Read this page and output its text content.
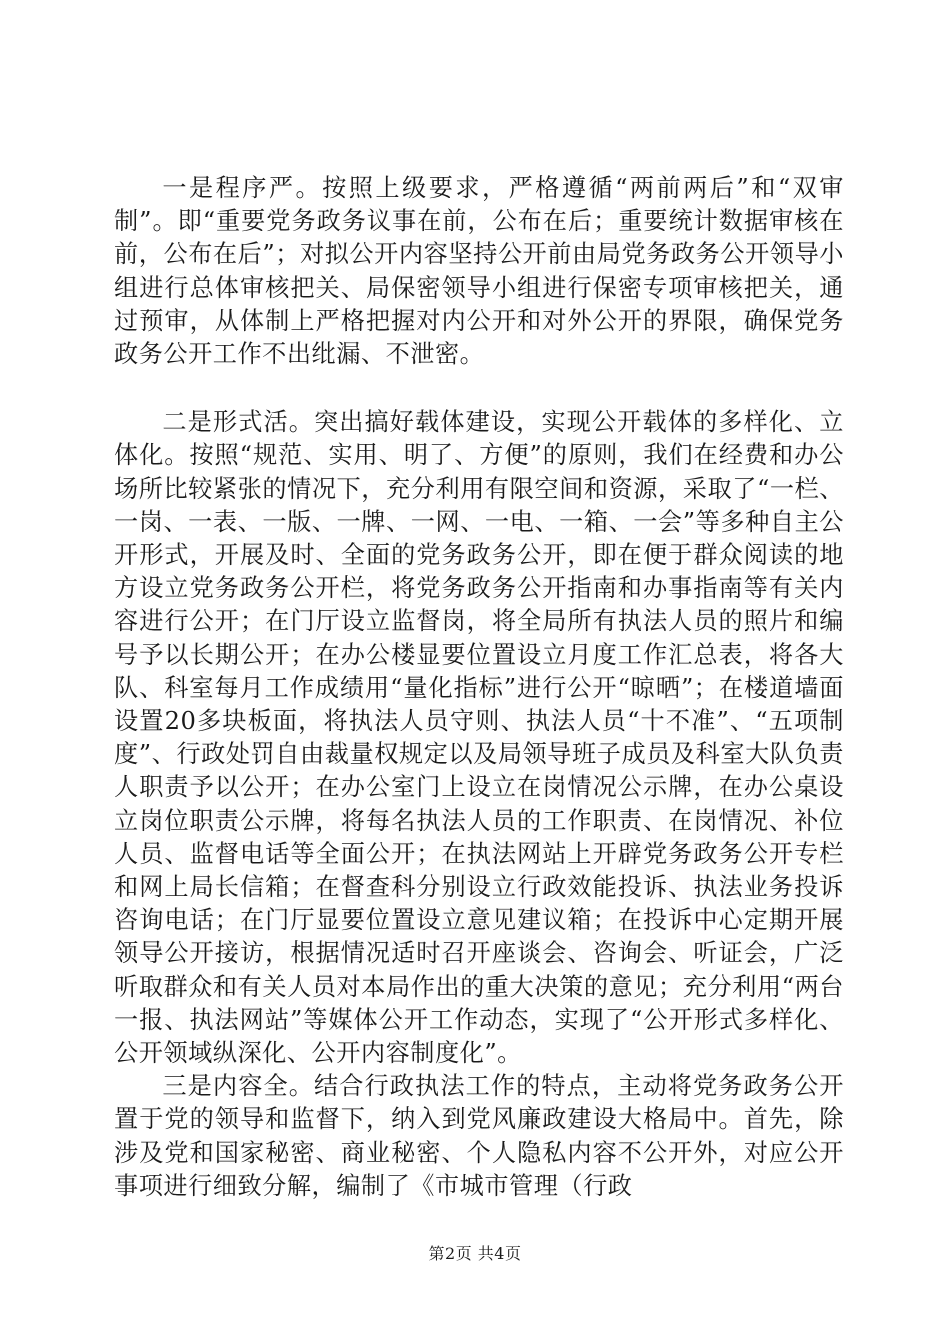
一是程序严。按照上级要求，严格遵循“两前两后”和“双审制”。即“重要党务政务议事在前，公布在后；重要统计数据审核在前，公布在后”；对拟公开内容坚持公开前由局党务政务公开领导小组进行总体审核把关、局保密领导小组进行保密专项审核把关，通过预审，从体制上严格把握对内公开和对外公开的界限，确保党务政务公开工作不出纰漏、不泄密。

二是形式活。突出搞好载体建设，实现公开载体的多样化、立体化。按照“规范、实用、明了、方便”的原则，我们在经费和办公场所比较紧张的情况下，充分利用有限空间和资源，采取了“一栏、一岗、一表、一版、一牌、一网、一电、一箱、一会”等多种自主公开形式，开展及时、全面的党务政务公开，即在便于群众阅读的地方设立党务政务公开栏，将党务政务公开指南和办事指南等有关内容进行公开；在门厅设立监督岗，将全局所有执法人员的照片和编号予以长期公开；在办公楼显要位置设立月度工作汇总表，将各大队、科室每月工作成绩用“量化指标”进行公开“晾晒”；在楼道墙面设置20多块板面，将执法人员守则、执法人员“十不准”、“五项制度”、行政处罚自由裁量权规定以及局领导班子成员及科室大队负责人职责予以公开；在办公室门上设立在岗情况公示牌，在办公桌设立岗位职责公示牌，将每名执法人员的工作职责、在岗情况、补位人员、监督电话等全面公开；在执法网站上开辟党务政务公开专栏和网上局长信箱；在督查科分别设立行政效能投诉、执法业务投诉咨询电话；在门厅显要位置设立意见建议箱；在投诉中心定期开展领导公开接访，根据情况适时召开座谈会、咨询会、听证会，广泛听取群众和有关人员对本局作出的重大决策的意见；充分利用“两台一报、执法网站”等媒体公开工作动态，实现了“公开形式多样化、公开领域纵深化、公开内容制度化”。

三是内容全。结合行政执法工作的特点，主动将党务政务公开置于党的领导和监督下，纳入到党风廉政建设大格局中。首先，除涉及党和国家秘密、商业秘密、个人隐私内容不公开外，对应公开事项进行细致分解，编制了《市城市管理（行政

第2页 共4页
